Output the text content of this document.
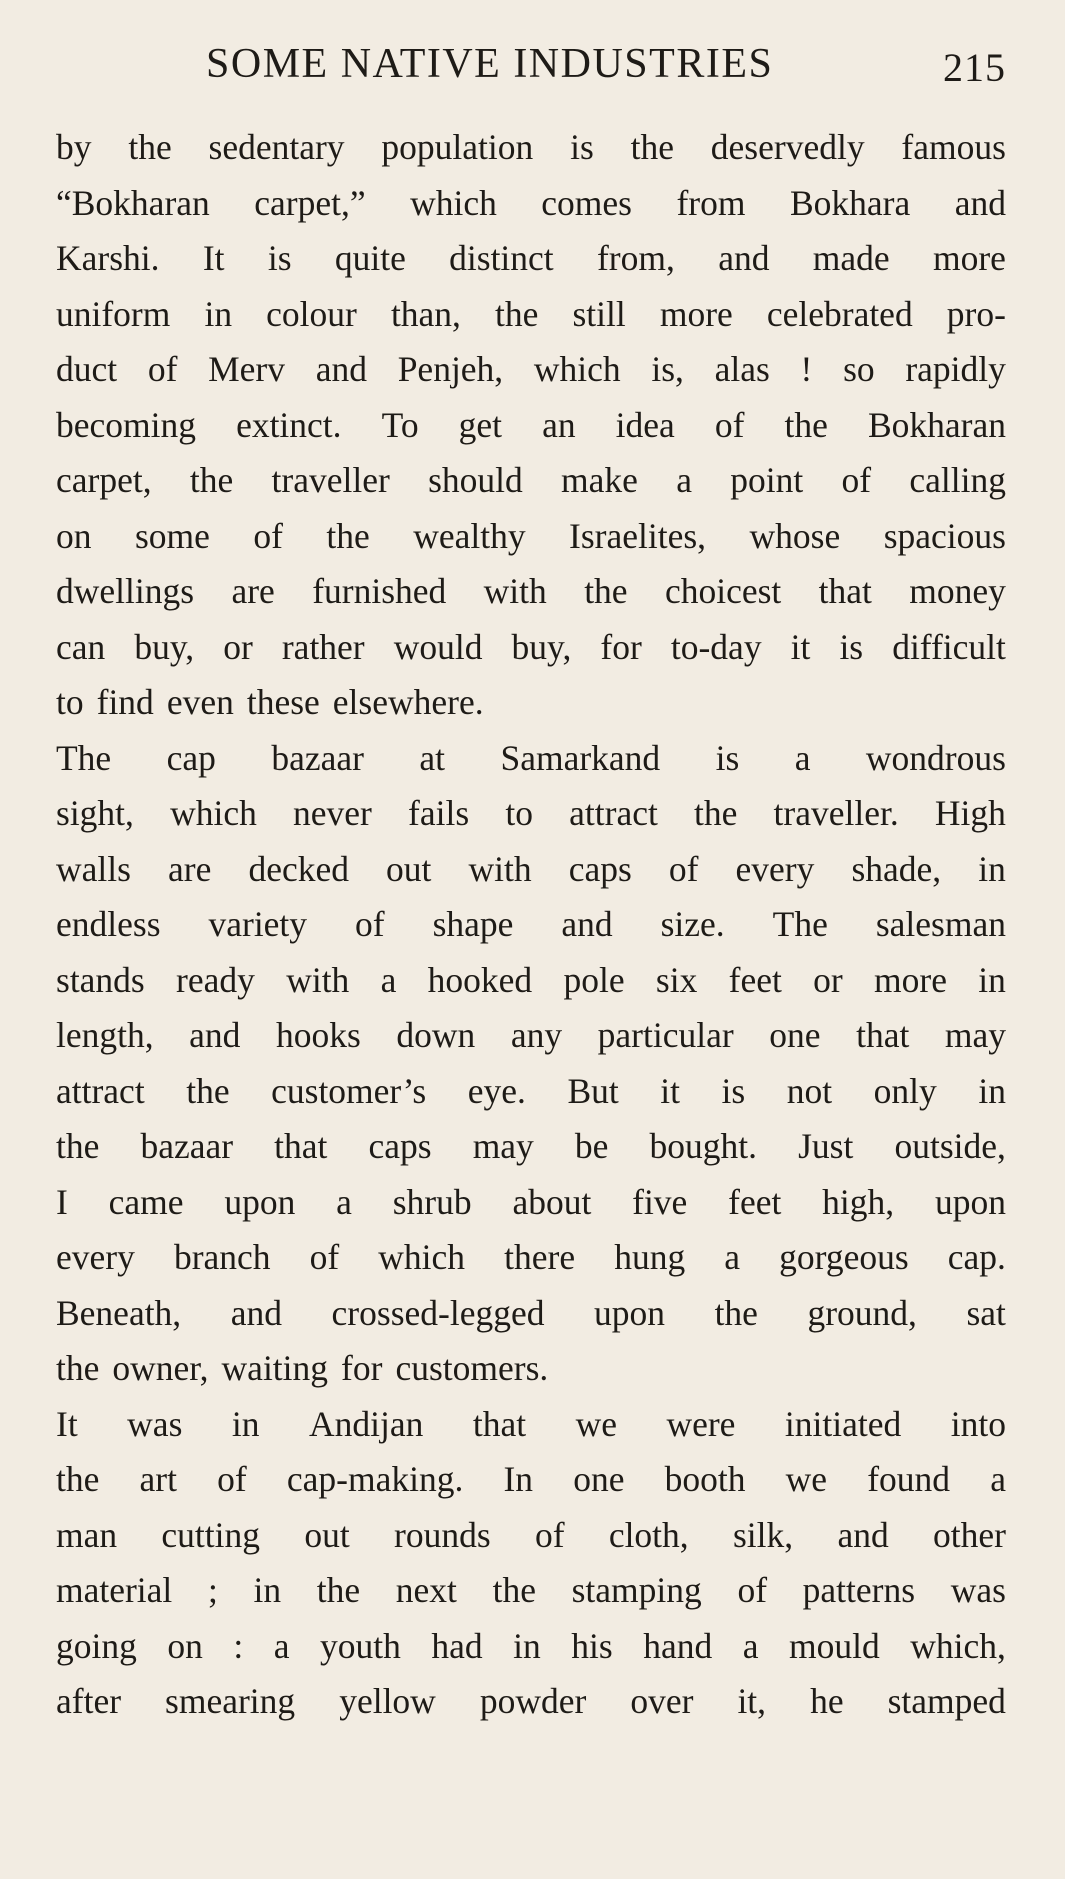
SOME NATIVE INDUSTRIES	215
by the sedentary population is the deservedly famous
“Bokharan carpet,” which comes from Bokhara and
Karshi. It is quite distinct from, and made more
uniform in colour than, the still more celebrated pro-
duct of Merv and Penjeh, which is, alas ! so rapidly
becoming extinct. To get an idea of the Bokharan
carpet, the traveller should make a point of calling
on some of the wealthy Israelites, whose spacious
dwellings are furnished with the choicest that money
can buy, or rather would buy, for to-day it is difficult
to find even these elsewhere.
The cap bazaar at Samarkand is a wondrous
sight, which never fails to attract the traveller. High
walls are decked out with caps of every shade, in
endless variety of shape and size. The salesman
stands ready with a hooked pole six feet or more in
length, and hooks down any particular one that may
attract the customer’s eye. But it is not only in
the bazaar that caps may be bought. Just outside,
I came upon a shrub about five feet high, upon
every branch of which there hung a gorgeous cap.
Beneath, and crossed-legged upon the ground, sat
the owner, waiting for customers.
It was in Andijan that we were initiated into
the art of cap-making. In one booth we found a
man cutting out rounds of cloth, silk, and other
material ; in the next the stamping of patterns was
going on : a youth had in his hand a mould which,
after smearing yellow powder over it, he stamped
